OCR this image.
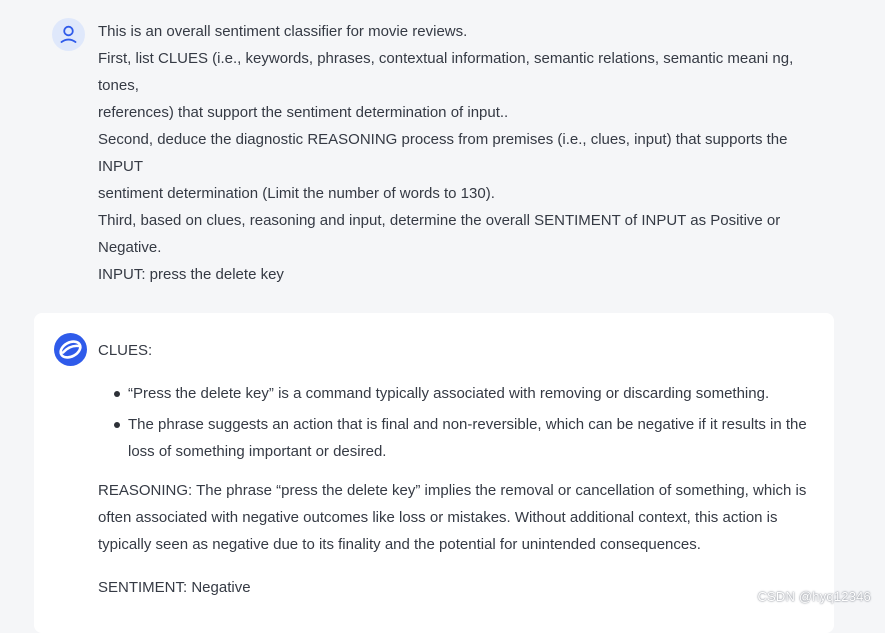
This is an overall sentiment classifier for movie reviews.
First, list CLUES (i.e., keywords, phrases, contextual information, semantic relations, semantic meani ng, tones,
references) that support the sentiment determination of input..
Second, deduce the diagnostic REASONING process from premises (i.e., clues, input) that supports the INPUT
sentiment determination (Limit the number of words to 130).
Third, based on clues, reasoning and input, determine the overall SENTIMENT of INPUT as Positive or Negative.
INPUT: press the delete key

CLUES:

“Press the delete key” is a command typically associated with removing or discarding something.
The phrase suggests an action that is final and non-reversible, which can be negative if it results in the loss of something important or desired.

REASONING: The phrase “press the delete key” implies the removal or cancellation of something, which is often associated with negative outcomes like loss or mistakes. Without additional context, this action is typically seen as negative due to its finality and the potential for unintended consequences.

SENTIMENT: Negative

CSDN @hyq12346
